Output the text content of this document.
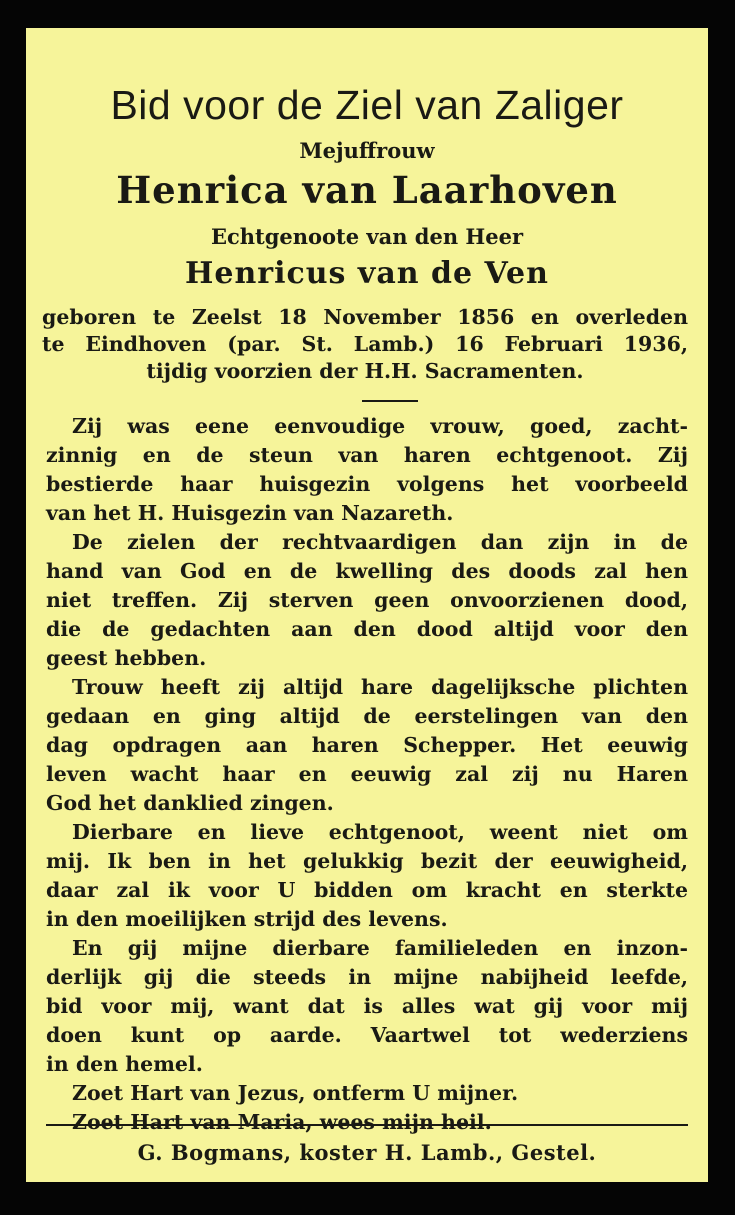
Bid voor de Ziel van Zaliger
Mejuffrouw
Henrica van Laarhoven
Echtgenoote van den Heer
Henricus van de Ven
geboren te Zeelst 18 November 1856 en overleden
te Eindhoven (par. St. Lamb.) 16 Februari 1936,
tijdig voorzien der H.H. Sacramenten.
Zij was eene eenvoudige vrouw, goed, zacht-
zinnig en de steun van haren echtgenoot. Zij
bestierde haar huisgezin volgens het voorbeeld
van het H. Huisgezin van Nazareth.
De zielen der rechtvaardigen dan zijn in de
hand van God en de kwelling des doods zal hen
niet treffen. Zij sterven geen onvoorzienen dood,
die de gedachten aan den dood altijd voor den
geest hebben.
Trouw heeft zij altijd hare dagelijksche plichten
gedaan en ging altijd de eerstelingen van den
dag opdragen aan haren Schepper. Het eeuwig
leven wacht haar en eeuwig zal zij nu Haren
God het danklied zingen.
Dierbare en lieve echtgenoot, weent niet om
mij. Ik ben in het gelukkig bezit der eeuwigheid,
daar zal ik voor U bidden om kracht en sterkte
in den moeilijken strijd des levens.
En gij mijne dierbare familieleden en inzon-
derlijk gij die steeds in mijne nabijheid leefde,
bid voor mij, want dat is alles wat gij voor mij
doen kunt op aarde. Vaartwel tot wederziens
in den hemel.
Zoet Hart van Jezus, ontferm U mijner.
Zoet Hart van Maria, wees mijn heil.
G. Bogmans, koster H. Lamb., Gestel.
